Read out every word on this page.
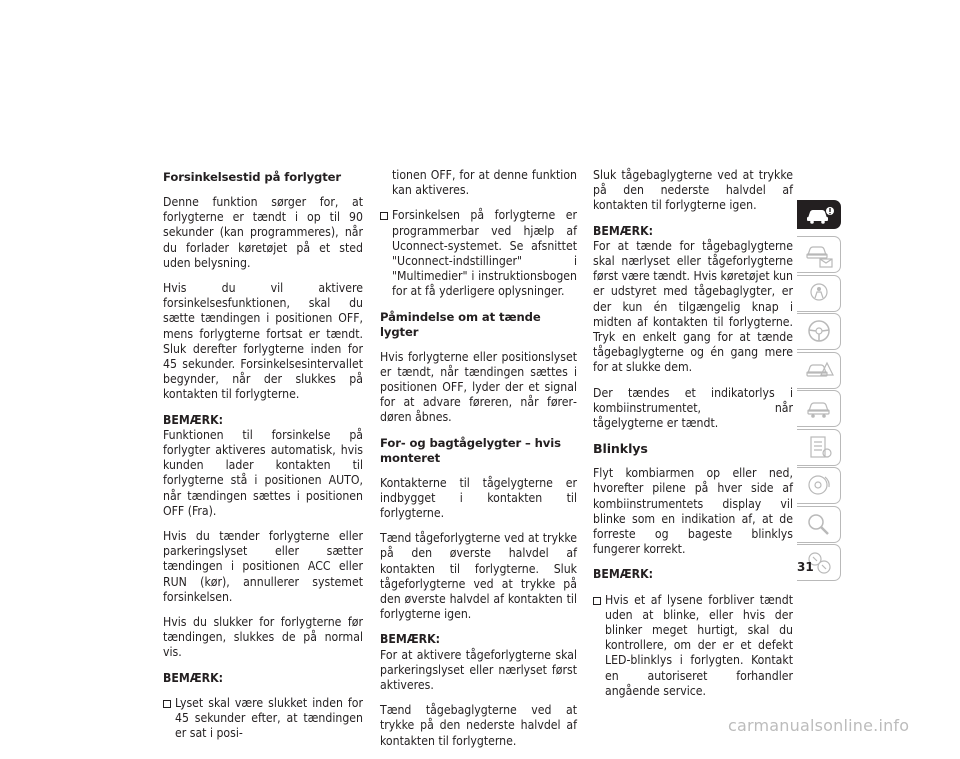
Forsinkelsestid på forlygter

Denne funktion sørger for, at forlygterne er tændt i op til 90 sekunder (kan programmeres), når du forlader køretøjet på et sted uden belysning.

Hvis du vil aktivere forsinkelsesfunktionen, skal du sætte tændingen i positionen OFF, mens forlygterne fortsat er tændt. Sluk derefter forlygterne inden for 45 sekunder. Forsinkelsesintervallet begynder, når der slukkes på kontakten til forlygterne.

BEMÆRK:
Funktionen til forsinkelse på forlygter aktiveres automatisk, hvis kunden lader kontakten til forlygterne stå i positionen AUTO, når tændingen sættes i positionen OFF (Fra).

Hvis du tænder forlygterne eller parkeringslyset eller sætter tændingen i positionen ACC eller RUN (kør), annullerer systemet forsinkelsen.

Hvis du slukker for forlygterne før tændingen, slukkes de på normal vis.

BEMÆRK:
Lyset skal være slukket inden for 45 sekunder efter, at tændingen er sat i posi-
tionen OFF, for at denne funktion kan aktiveres.
Forsinkelsen på forlygterne er programmerbar ved hjælp af Uconnect-systemet. Se afsnittet "Uconnect-indstillinger" i "Multimedier" i instruktionsbogen for at få yderligere oplysninger.
Påmindelse om at tænde lygter

Hvis forlygterne eller positionslyset er tændt, når tændingen sættes i positionen OFF, lyder der et signal for at advare føreren, når førerdøren åbnes.

For- og bagtågelygter – hvis monteret

Kontakterne til tågelygterne er indbygget i kontakten til forlygterne.

Tænd tågeforlygterne ved at trykke på den øverste halvdel af kontakten til forlygterne. Sluk tågeforlygterne ved at trykke på den øverste halvdel af kontakten til forlygterne igen.

BEMÆRK:
For at aktivere tågeforlygterne skal parkeringslyset eller nærlyset først aktiveres.

Tænd tågebaglygterne ved at trykke på den nederste halvdel af kontakten til forlygterne.

Sluk tågebaglygterne ved at trykke på den nederste halvdel af kontakten til forlygterne igen.

BEMÆRK:
For at tænde for tågebaglygterne skal nærlyset eller tågeforlygterne først være tændt. Hvis køretøjet kun er udstyret med tågebaglygter, er der kun én tilgængelig knap i midten af kontakten til forlygterne. Tryk en enkelt gang for at tænde tågebaglygterne og én gang mere for at slukke dem.

Der tændes et indikatorlys i kombiinstrumentet, når tågelygterne er tændt.

Blinklys

Flyt kombiarmen op eller ned, hvorefter pilene på hver side af kombiinstrumentets display vil blinke som en indikation af, at de forreste og bageste blinklys fungerer korrekt.

BEMÆRK:
Hvis et af lysene forbliver tændt uden at blinke, eller hvis der blinker meget hurtigt, skal du kontrollere, om der er et defekt LED-blinklys i forlygten. Kontakt en autoriseret forhandler angående service.
31
carmanualsonline.info
